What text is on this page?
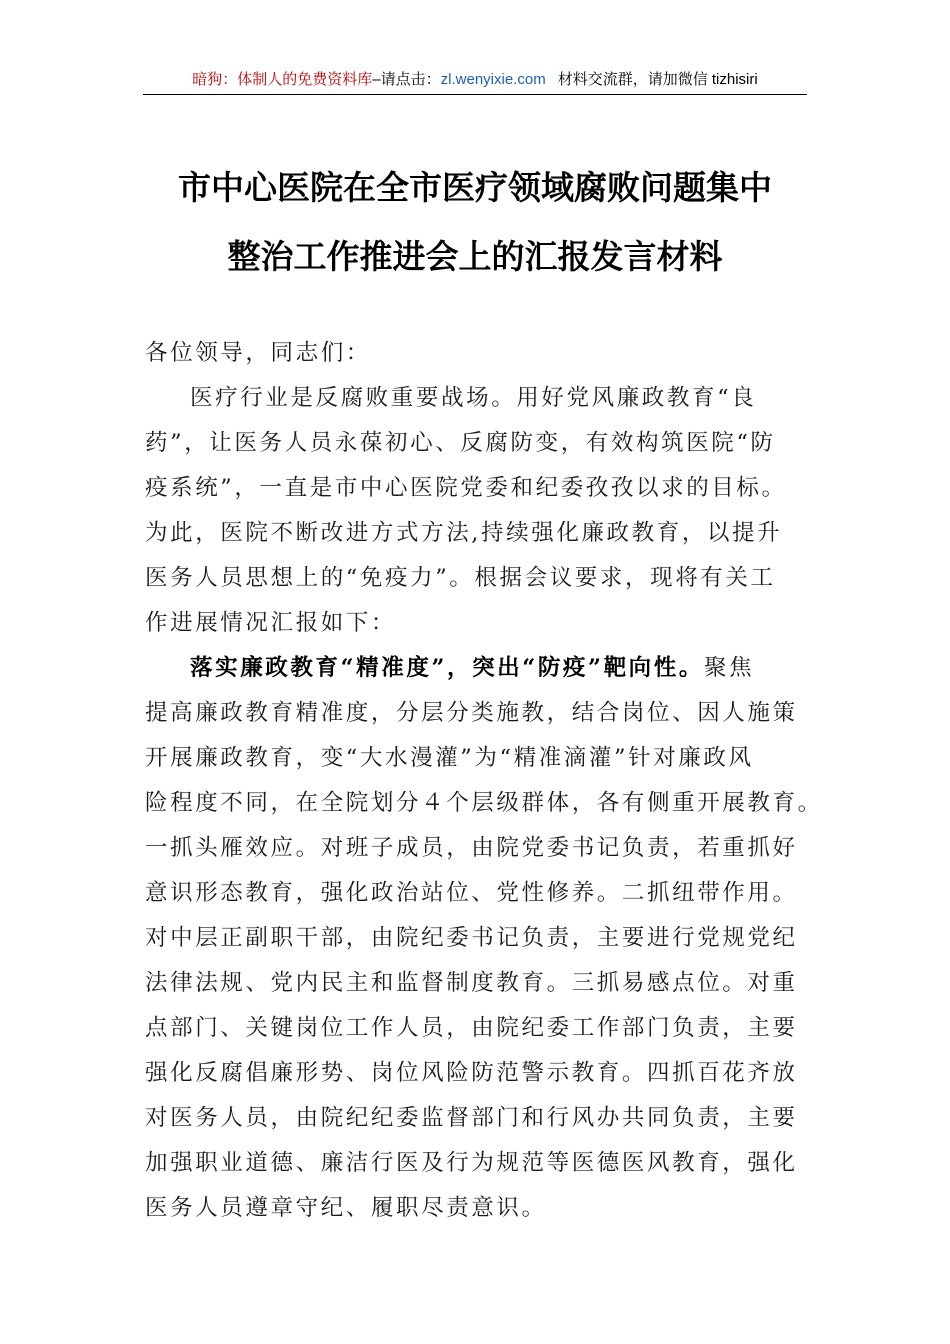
暗狗：体制人的免费资料库–请点击：zl.wenyixie.com 材料交流群，请加微信 tizhisiri
市中心医院在全市医疗领域腐败问题集中
整治工作推进会上的汇报发言材料
各位领导，同志们：
医疗行业是反腐败重要战场。用好党风廉政教育“良
药”，让医务人员永葆初心、反腐防变，有效构筑医院“防
疫系统”，一直是市中心医院党委和纪委孜孜以求的目标。
为此，医院不断改进方式方法,持续强化廉政教育，以提升
医务人员思想上的“免疫力”。根据会议要求，现将有关工
作进展情况汇报如下：
落实廉政教育“精准度”，突出“防疫”靶向性。聚焦
提高廉政教育精准度，分层分类施教，结合岗位、因人施策
开展廉政教育，变“大水漫灌”为“精准滴灌”针对廉政风
险程度不同，在全院划分４个层级群体，各有侧重开展教育。
一抓头雁效应。对班子成员，由院党委书记负责，若重抓好
意识形态教育，强化政治站位、党性修养。二抓纽带作用。
对中层正副职干部，由院纪委书记负责，主要进行党规党纪
法律法规、党内民主和监督制度教育。三抓易感点位。对重
点部门、关键岗位工作人员，由院纪委工作部门负责，主要
强化反腐倡廉形势、岗位风险防范警示教育。四抓百花齐放
对医务人员，由院纪纪委监督部门和行风办共同负责，主要
加强职业道德、廉洁行医及行为规范等医德医风教育，强化
医务人员遵章守纪、履职尽责意识。
